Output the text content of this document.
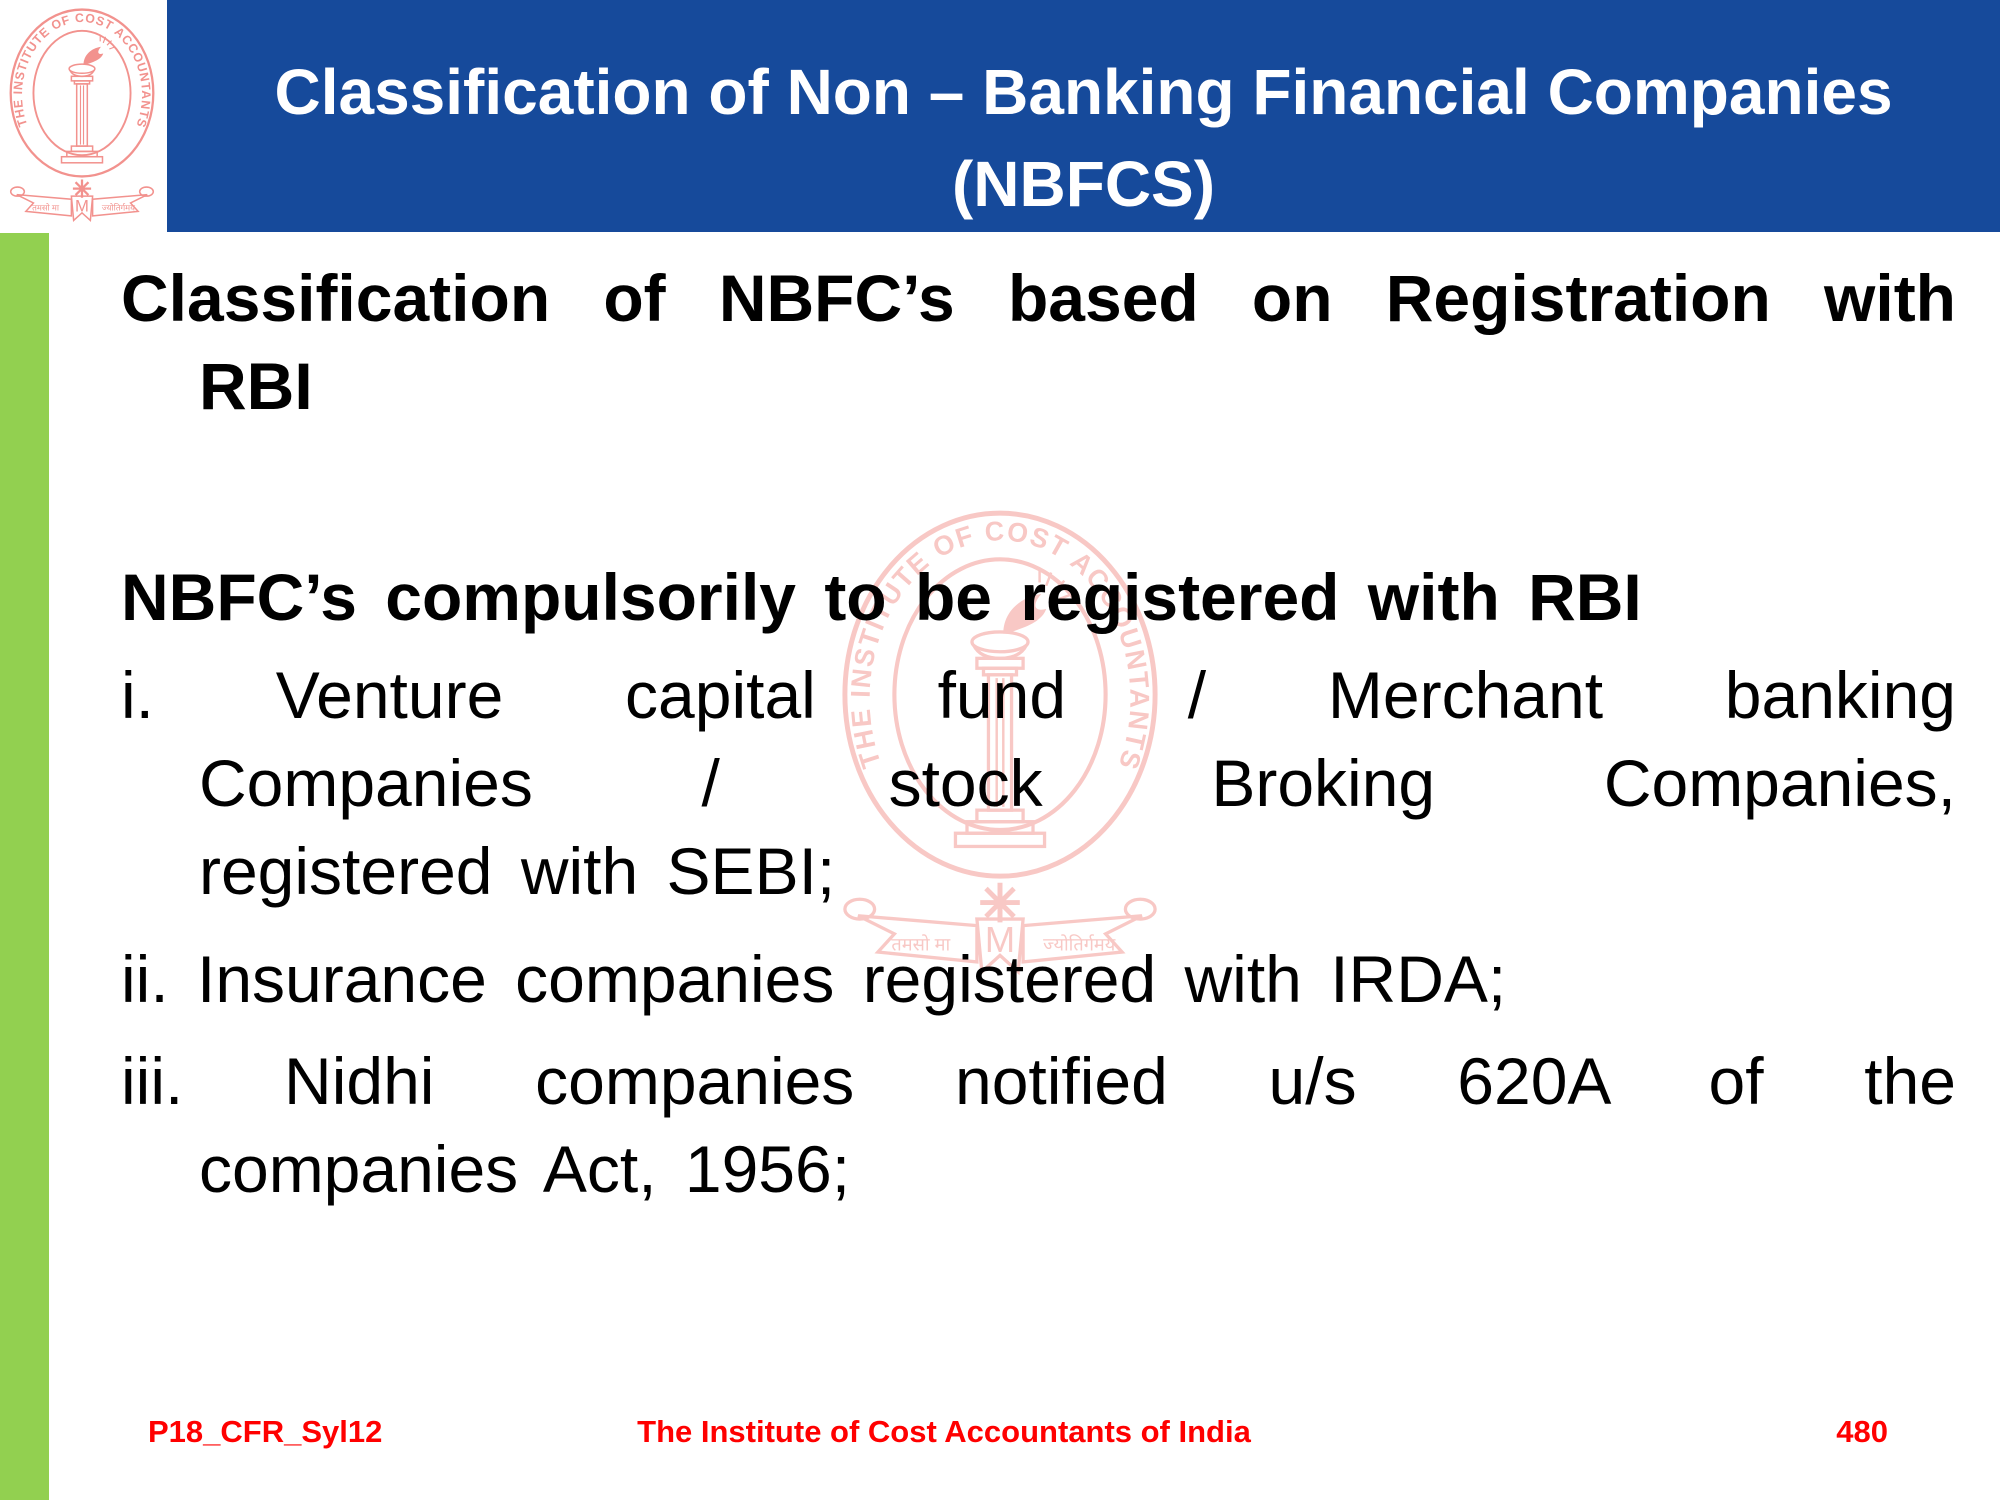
Classification of Non – Banking Financial Companies
(NBFCS)
Classification of NBFC’s based on Registration with
RBI
NBFC’s compulsorily to be registered with RBI
i. Venture capital fund / Merchant banking
Companies / stock Broking Companies,
registered with SEBI;
ii. Insurance companies registered with IRDA;
iii. Nidhi companies notified u/s 620A of the
companies Act, 1956;
P18_CFR_Syl12	The Institute of Cost Accountants of India	480
